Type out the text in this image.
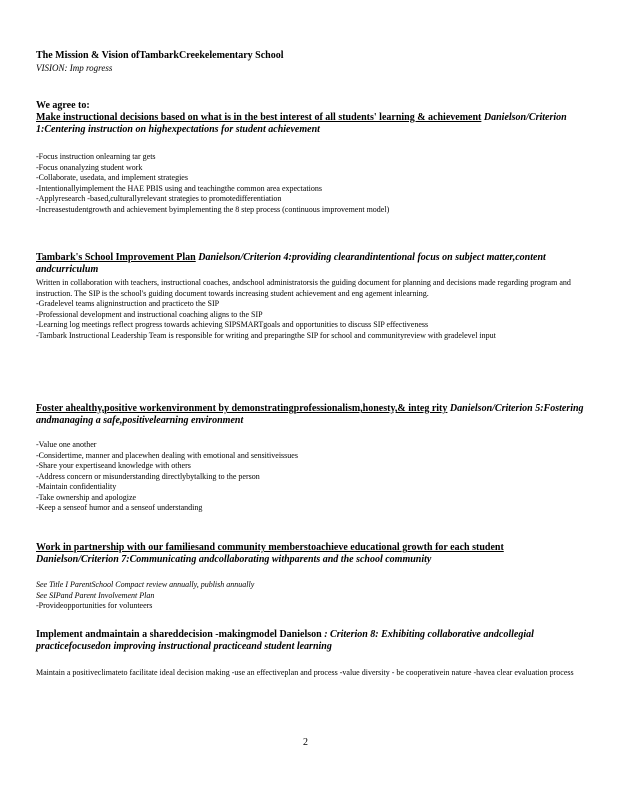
The Mission & Vision ofTambarkCreekelementary School
VISION: Imp rogress
We agree to:
Make instructional decisions based on what is in the best interest of all students' learning & achievement Danielson/Criterion 1:Centering instruction on highexpectations for student achievement
-Focus instruction onlearning tar gets
-Focus onanalyzing student work
-Collaborate, usedata, and implement strategies
-Intentionallyimplement the HAE PBIS using and teachingthe common area expectations
-Applyresearch -based,culturallyrelevant strategies to promotedifferentiation
-Increasestudentgrowth and achievement byimplementing the 8 step process (continuous improvement model)
Tambark's School Improvement Plan Danielson/Criterion 4:providing clearandintentional focus on subject matter,content andcurriculum
Written in collaboration with teachers, instructional coaches, andschool administratorsis the guiding document for planning and decisions made regarding program and instruction. The SIP is the school's guiding document towards increasing student achievement and eng agement inlearning.
-Gradelevel teams aligninstruction and practiceto the SIP
-Professional development and instructional coaching aligns to the SIP
-Learning log meetings reflect progress towards achieving SIPSMARTgoals and opportunities to discuss SIP effectiveness
-Tambark Instructional Leadership Team is responsible for writing and preparingthe SIP for school and communityreview with gradelevel input
Foster ahealthy,positive workenvironment by demonstratingprofessionalism,honesty,& integ rity Danielson/Criterion 5:Fostering andmanaging a safe,positivelearning environment
-Value one another
-Considertime, manner and placewhen dealing with emotional and sensitiveissues
-Share your expertiseand knowledge with others
-Address concern or misunderstanding directlybytalking to the person
-Maintain confidentiality
-Take ownership and apologize
-Keep a senseof humor and a senseof understanding
Work in partnership with our familiesand community memberstoachieve educational growth for each student Danielson/Criterion 7:Communicating andcollaborating withparents and the school community
See Title I ParentSchool Compact review annually, publish annually
See SIPand Parent Involvement Plan
-Provideopportunities for volunteers
Implement andmaintain a shareddecision -makingmodel Danielson : Criterion 8: Exhibiting collaborative andcollegial practicefocusedon improving instructional practiceand student learning
Maintain a positiveclimateto facilitate ideal decision making -use an effectiveplan and process -value diversity - be cooperativein nature -havea clear evaluation process
2
